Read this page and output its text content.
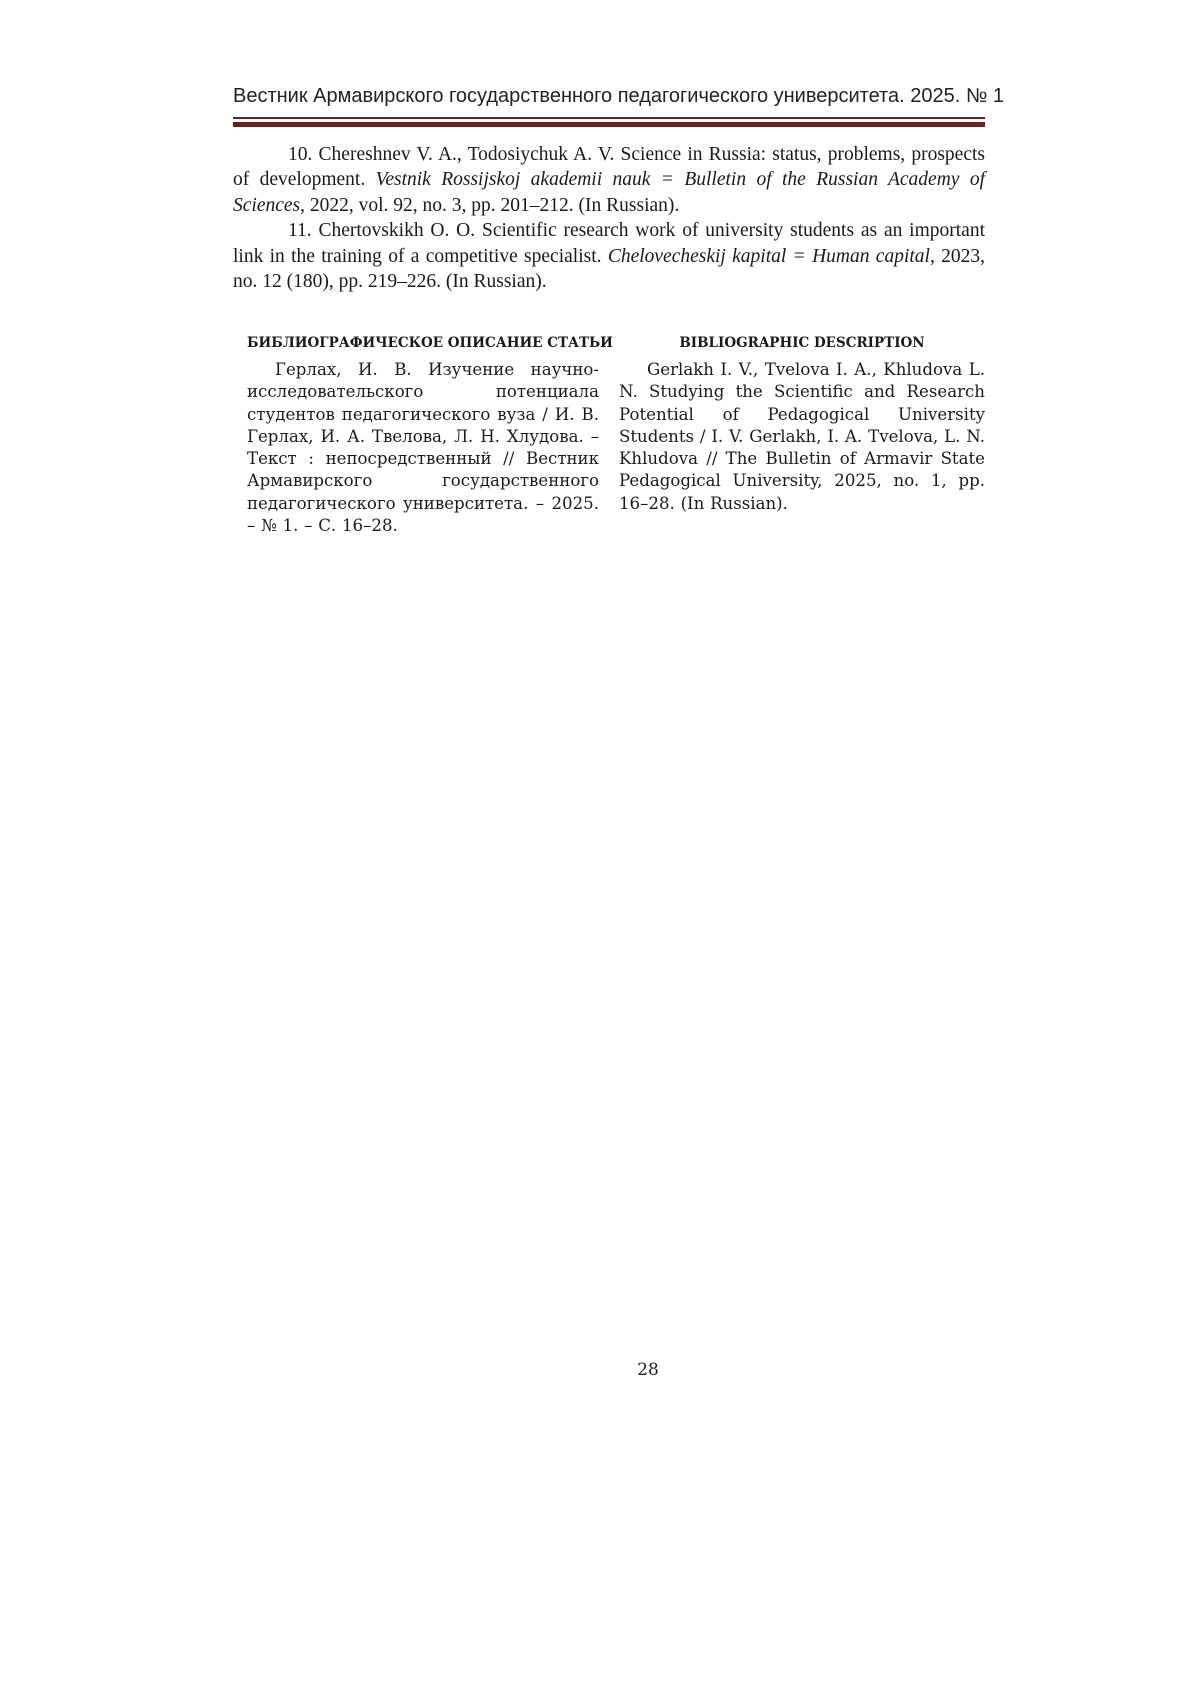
Вестник Армавирского государственного педагогического университета. 2025. № 1

10. Chereshnev V. A., Todosiychuk A. V. Science in Russia: status, problems, prospects of development. Vestnik Rossijskoj akademii nauk = Bulletin of the Russian Academy of Sciences, 2022, vol. 92, no. 3, pp. 201–212. (In Russian).

11. Chertovskikh O. O. Scientific research work of university students as an important link in the training of a competitive specialist. Chelovecheskij kapital = Human capital, 2023, no. 12 (180), pp. 219–226. (In Russian).

БИБЛИОГРАФИЧЕСКОЕ ОПИСАНИЕ СТАТЬИ

Герлах, И. В. Изучение научно-исследовательского потенциала студентов педагогического вуза / И. В. Герлах, И. А. Твелова, Л. Н. Хлудова. – Текст : непосредственный // Вестник Армавирского государственного педагогического университета. – 2025. – № 1. – С. 16–28.

BIBLIOGRAPHIC DESCRIPTION

Gerlakh I. V., Tvelova I. A., Khludova L. N. Studying the Scientific and Research Potential of Pedagogical University Students / I. V. Gerlakh, I. A. Tvelova, L. N. Khludova // The Bulletin of Armavir State Pedagogical University, 2025, no. 1, pp. 16–28. (In Russian).

28
